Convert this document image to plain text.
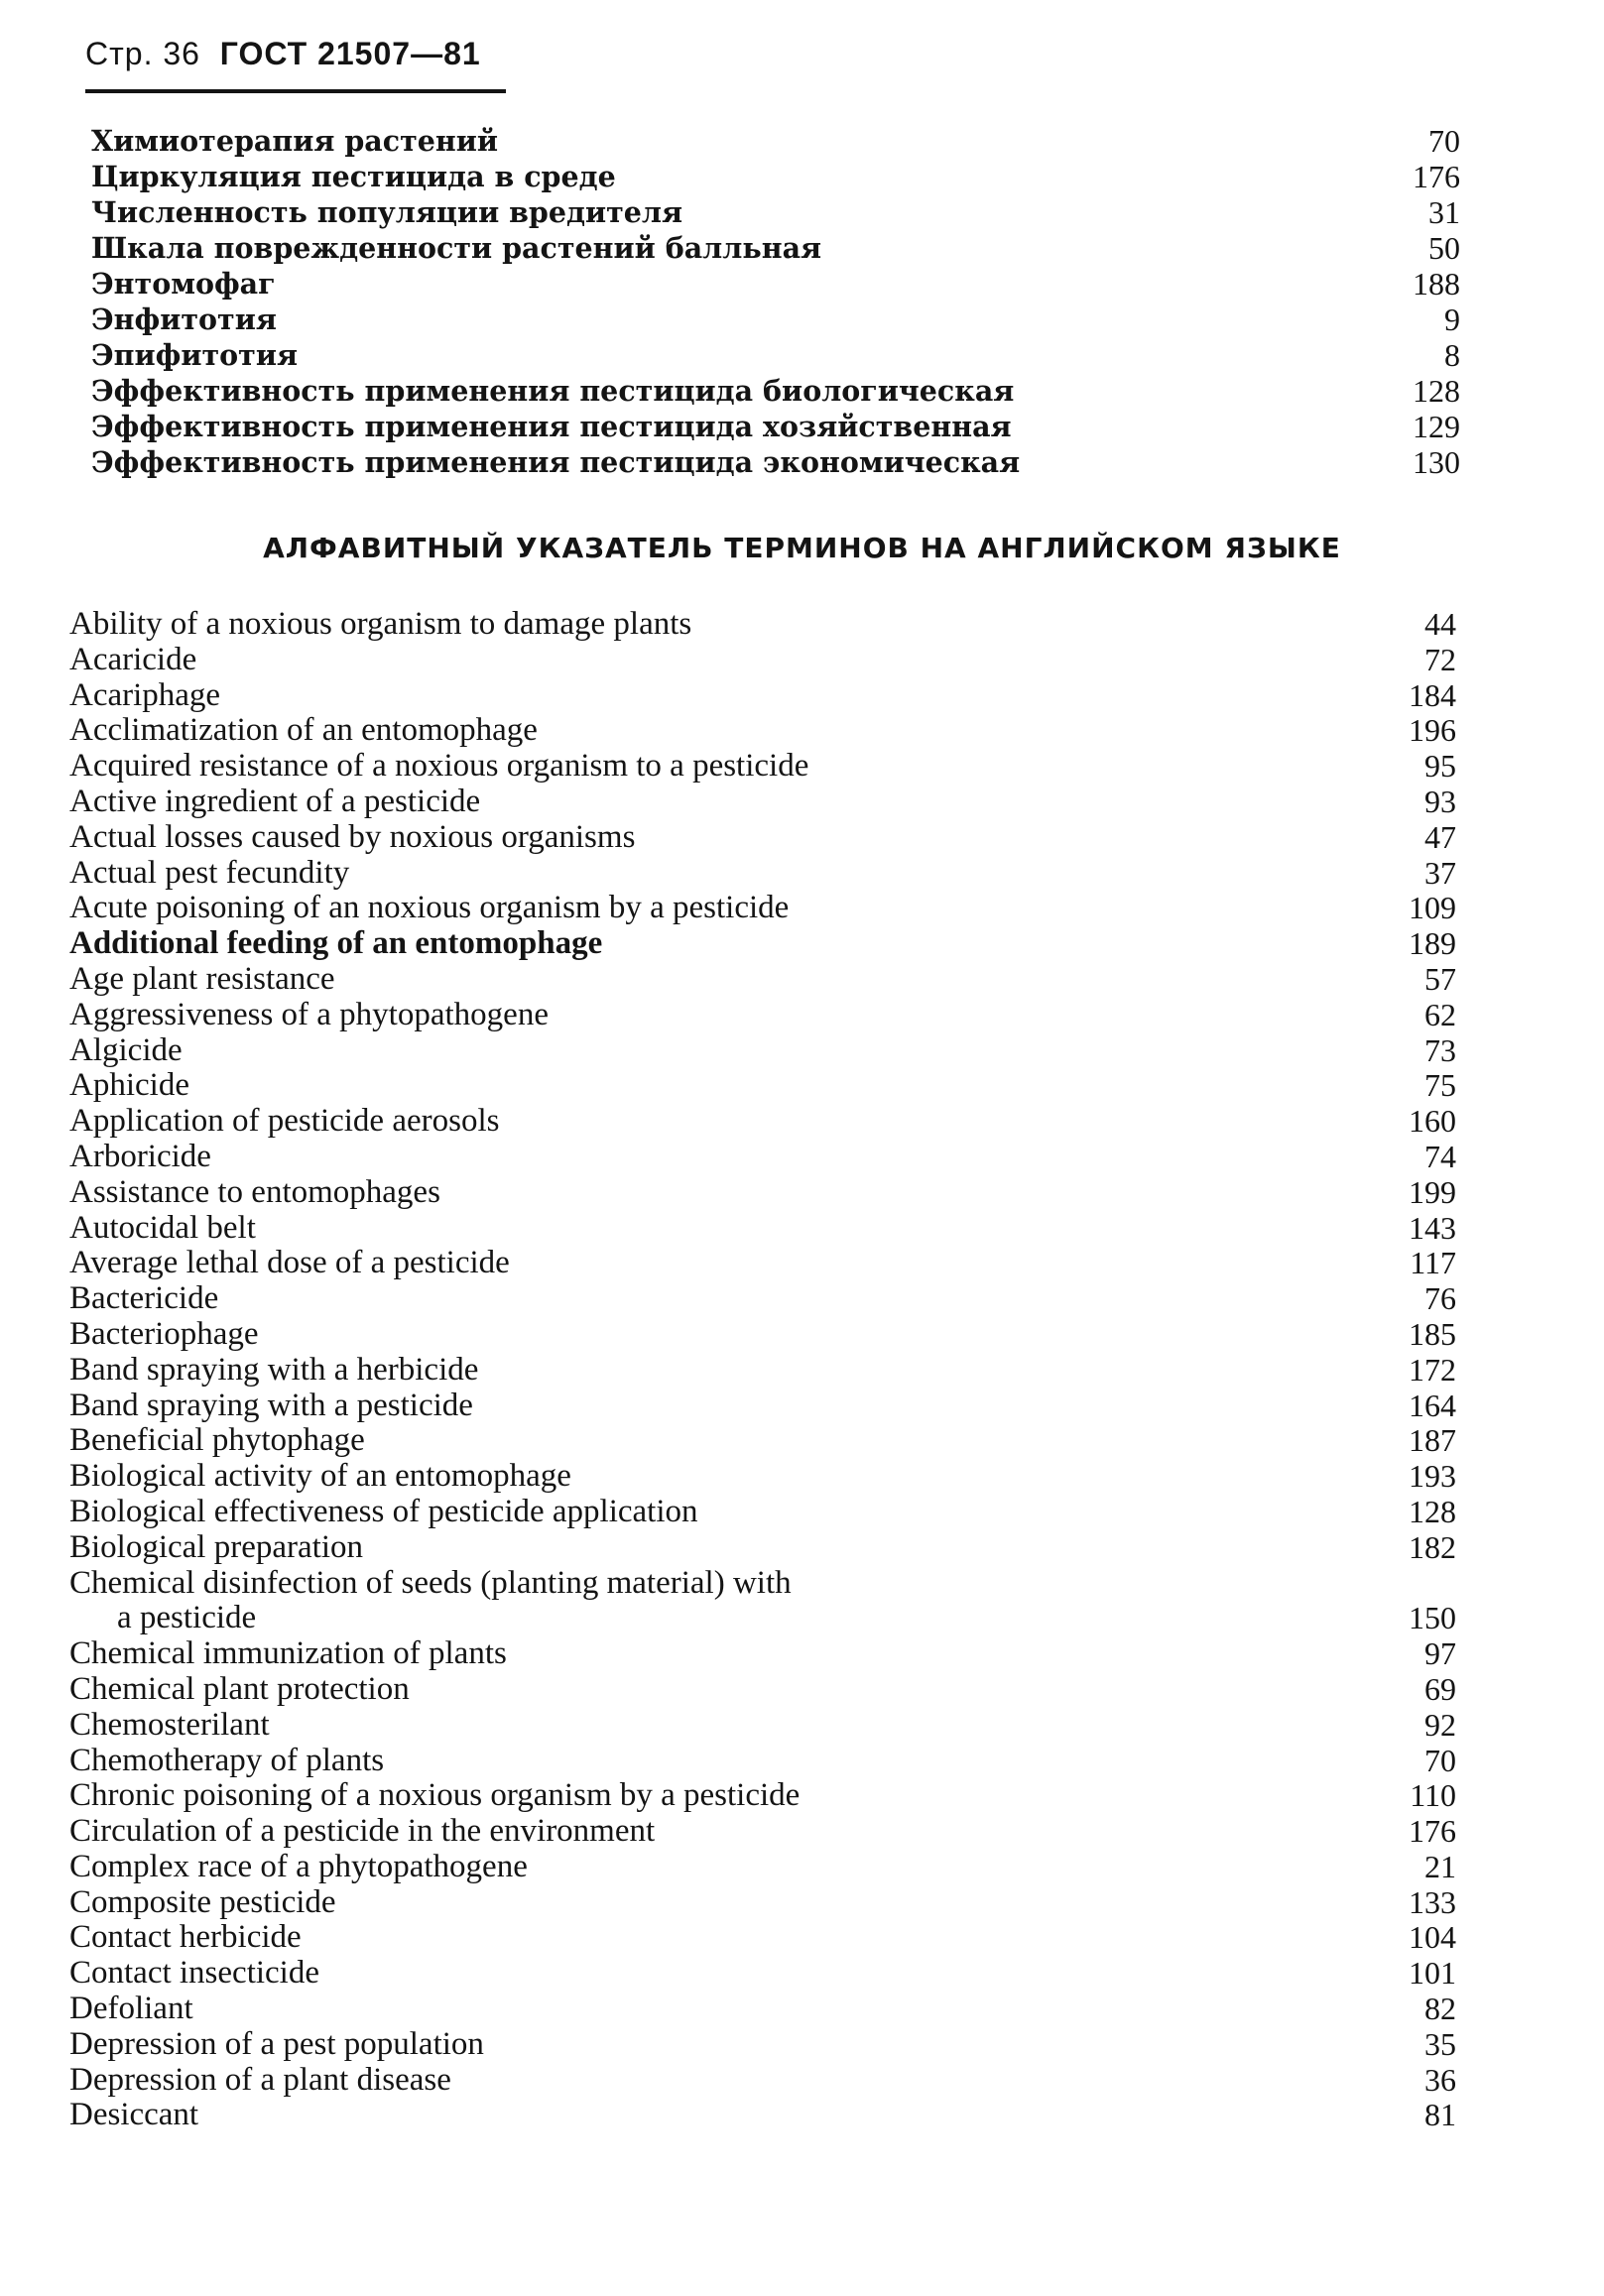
Стр. 36 ГОСТ 21507—81
Химиотерапия растений	70
Циркуляция пестицида в среде	176
Численность популяции вредителя	31
Шкала поврежденности растений балльная	50
Энтомофаг	188
Энфитотия	9
Эпифитотия	8
Эффективность применения пестицида биологическая	128
Эффективность применения пестицида хозяйственная	129
Эффективность применения пестицида экономическая	130
АЛФАВИТНЫЙ УКАЗАТЕЛЬ ТЕРМИНОВ НА АНГЛИЙСКОМ ЯЗЫКЕ
Ability of a noxious organism to damage plants	44
Acaricide	72
Acariphage	184
Acclimatization of an entomophage	196
Acquired resistance of a noxious organism to a pesticide	95
Active ingredient of a pesticide	93
Actual losses caused by noxious organisms	47
Actual pest fecundity	37
Acute poisoning of an noxious organism by a pesticide	109
Additional feeding of an entomophage	189
Age plant resistance	57
Aggressiveness of a phytopathogene	62
Algicide	73
Aphicide	75
Application of pesticide aerosols	160
Arboricide	74
Assistance to entomophages	199
Autocidal belt	143
Average lethal dose of a pesticide	117
Bactericide	76
Bacteriophage	185
Band spraying with a herbicide	172
Band spraying with a pesticide	164
Beneficial phytophage	187
Biological activity of an entomophage	193
Biological effectiveness of pesticide application	128
Biological preparation	182
Chemical disinfection of seeds (planting material) with
a pesticide	150
Chemical immunization of plants	97
Chemical plant protection	69
Chemosterilant	92
Chemotherapy of plants	70
Chronic poisoning of a noxious organism by a pesticide	110
Circulation of a pesticide in the environment	176
Complex race of a phytopathogene	21
Composite pesticide	133
Contact herbicide	104
Contact insecticide	101
Defoliant	82
Depression of a pest population	35
Depression of a plant disease	36
Desiccant	81
